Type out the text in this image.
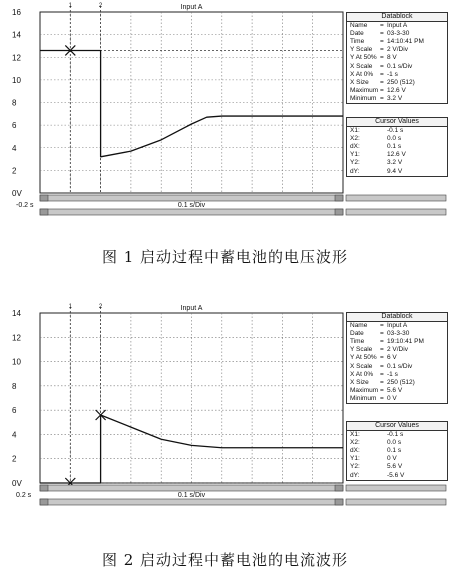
16
14
12
10
8
6
4
2
0V
Input A
1	2
-0.2 s	0.1 s/Div
Datablock
Name	= Input A
Date	= 03-3-30
Time	= 14:10:41 PM
Y Scale	= 2 V/Div
Y At 50% = 8 V
X Scale	= 0.1 s/Div
X At 0%	= -1 s
X Size	= 250 (512)
Maximum = 12.6 V
Minimum = 3.2 V
Cursor Values
X1:	-0.1 s
X2:	0.0 s
dX:	0.1 s
Y1:	12.6 V
Y2:	3.2 V
dY:	9.4 V
图 1 启动过程中蓄电池的电压波形
14
12
10
8
6
4
2
0V
Input A
1	2
0.2 s	0.1 s/Div
Datablock
Name	= Input A
Date	= 03-3-30
Time	= 19:10:41 PM
Y Scale	= 2 V/Div
Y At 50% = 6 V
X Scale	= 0.1 s/Div
X At 0%	= -1 s
X Size	= 250 (512)
Maximum = 5.6 V
Minimum = 0 V
Cursor Values
X1:	-0.1 s
X2:	0.0 s
dX:	0.1 s
Y1:	0 V
Y2:	5.6 V
dY:	-5.6 V
图 2 启动过程中蓄电池的电流波形
